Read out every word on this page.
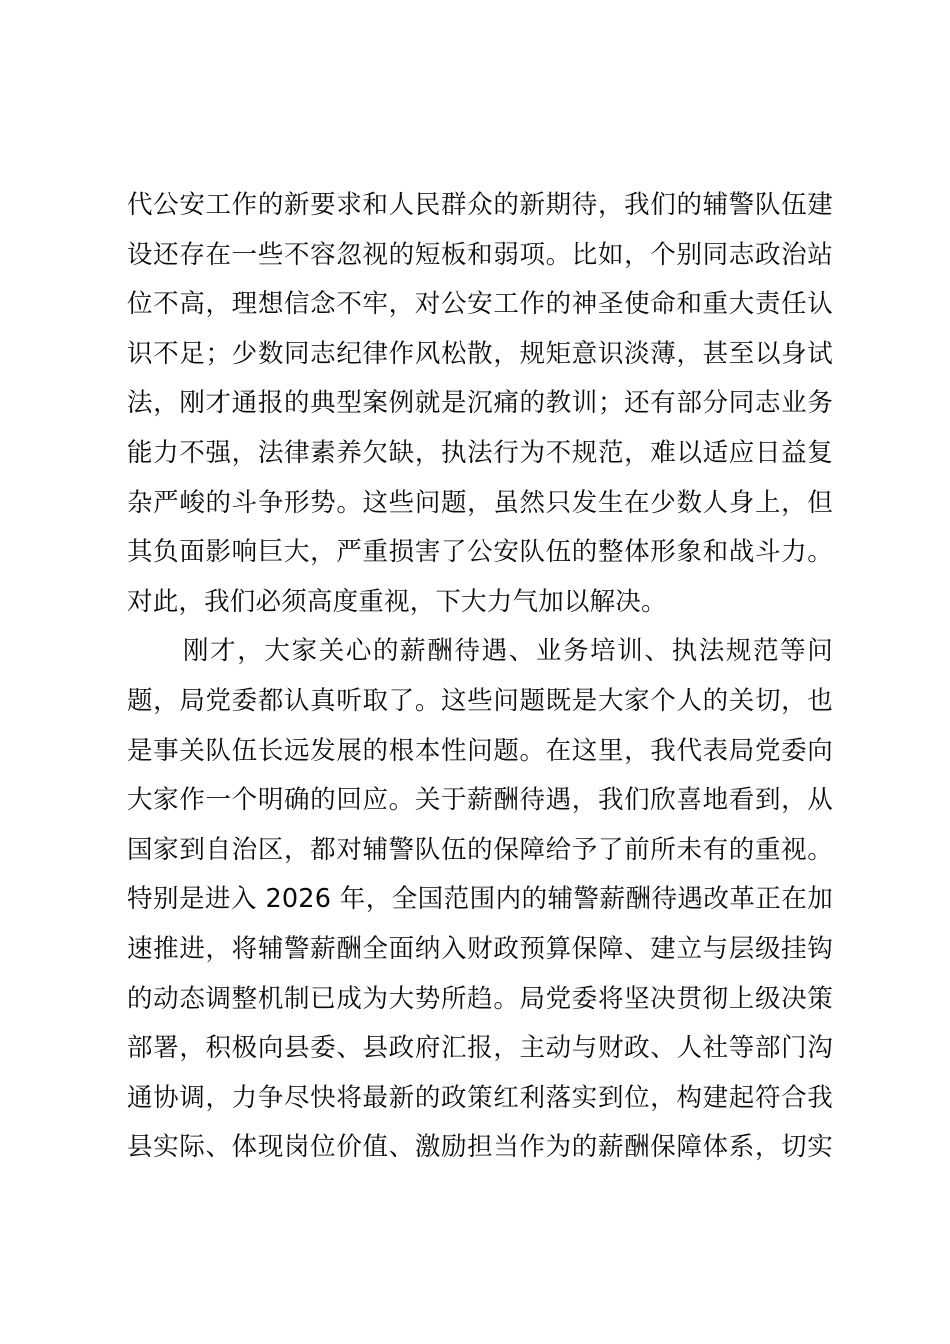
代公安工作的新要求和人民群众的新期待，我们的辅警队伍建
设还存在一些不容忽视的短板和弱项。比如，个别同志政治站
位不高，理想信念不牢，对公安工作的神圣使命和重大责任认
识不足；少数同志纪律作风松散，规矩意识淡薄，甚至以身试
法，刚才通报的典型案例就是沉痛的教训；还有部分同志业务
能力不强，法律素养欠缺，执法行为不规范，难以适应日益复
杂严峻的斗争形势。这些问题，虽然只发生在少数人身上，但
其负面影响巨大，严重损害了公安队伍的整体形象和战斗力。
对此，我们必须高度重视，下大力气加以解决。
刚才，大家关心的薪酬待遇、业务培训、执法规范等问
题，局党委都认真听取了。这些问题既是大家个人的关切，也
是事关队伍长远发展的根本性问题。在这里，我代表局党委向
大家作一个明确的回应。关于薪酬待遇，我们欣喜地看到，从
国家到自治区，都对辅警队伍的保障给予了前所未有的重视。
特别是进入 2026 年，全国范围内的辅警薪酬待遇改革正在加
速推进，将辅警薪酬全面纳入财政预算保障、建立与层级挂钩
的动态调整机制已成为大势所趋。局党委将坚决贯彻上级决策
部署，积极向县委、县政府汇报，主动与财政、人社等部门沟
通协调，力争尽快将最新的政策红利落实到位，构建起符合我
县实际、体现岗位价值、激励担当作为的薪酬保障体系，切实
